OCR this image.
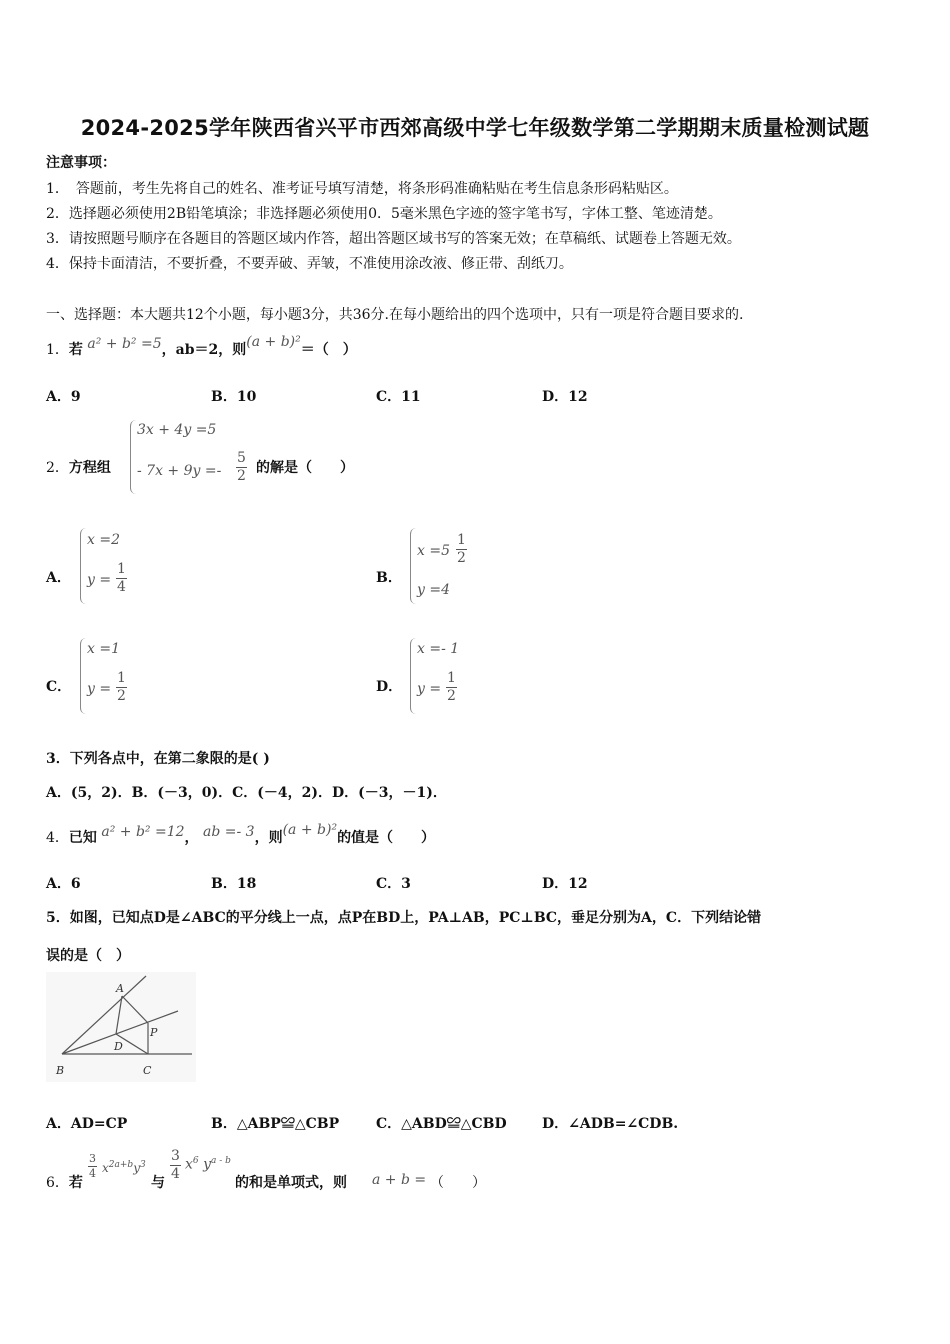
2024-2025学年陕西省兴平市西郊高级中学七年级数学第二学期期末质量检测试题
注意事项：
1．　答题前，考生先将自己的姓名、准考证号填写清楚，将条形码准确粘贴在考生信息条形码粘贴区。
2．选择题必须使用2B铅笔填涂；非选择题必须使用0．5毫米黑色字迹的签字笔书写，字体工整、笔迹清楚。
3．请按照题号顺序在各题目的答题区域内作答，超出答题区域书写的答案无效；在草稿纸、试题卷上答题无效。
4．保持卡面清洁，不要折叠，不要弄破、弄皱，不准使用涂改液、修正带、刮纸刀。
一、选择题：本大题共12个小题，每小题3分，共36分.在每小题给出的四个选项中，只有一项是符合题目要求的.
1．若 a² + b² =5，ab＝2，则(a + b)²＝（　）
A．9	B．10	C．11	D．12
2．方程组
3x + 4y =5
- $7x + 9y =- \frac{5}{2}$ 的解是（　　）
A．
x =2
$y = \frac{1}{4}$	B．
$x =5 \frac{1}{2}$
y =4
C．
x =1
$y = \frac{1}{2}$	D．
x =- 1
$y = \frac{1}{2}$
3．下列各点中，在第二象限的是( )
A．(5，2)．B．(－3，0)．C．(－4，2)．D．(－3，－1)．
4．已知 a² + b² =12， ab =- 3，则(a + b)²的值是（　　）
A．6	B．18	C．3	D．12
5．如图，已知点D是∠ABC的平分线上一点，点P在BD上，PA⊥AB，PC⊥BC，垂足分别为A，C．下列结论错
误的是（　）
A
B	C
D
P
A．AD=CP	B．△ABP≌△CBP	C．△ABD≌△CBD	D．∠ADB=∠CDB.
6．若
$\frac{3}{4} x^{2a+b}y^3$
与 $\frac{3}{4} x^6$ $y^{a - b}$
的和是单项式，则 a + b = （　　）
